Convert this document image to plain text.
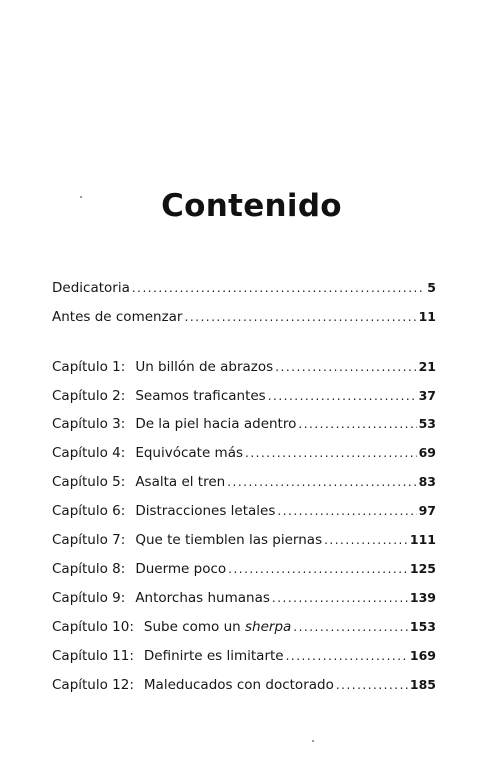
Contenido
Dedicatoria .....	5
Antes de comenzar .....	11
Capítulo 1: Un billón de abrazos .....	21
Capítulo 2: Seamos traficantes .....	37
Capítulo 3: De la piel hacia adentro .....	53
Capítulo 4: Equivócate más .....	69
Capítulo 5: Asalta el tren .....	83
Capítulo 6: Distracciones letales .....	97
Capítulo 7: Que te tiemblen las piernas .....	111
Capítulo 8: Duerme poco .....	125
Capítulo 9: Antorchas humanas .....	139
Capítulo 10: Sube como un sherpa .....	153
Capítulo 11: Definirte es limitarte .....	169
Capítulo 12: Maleducados con doctorado .....	185
